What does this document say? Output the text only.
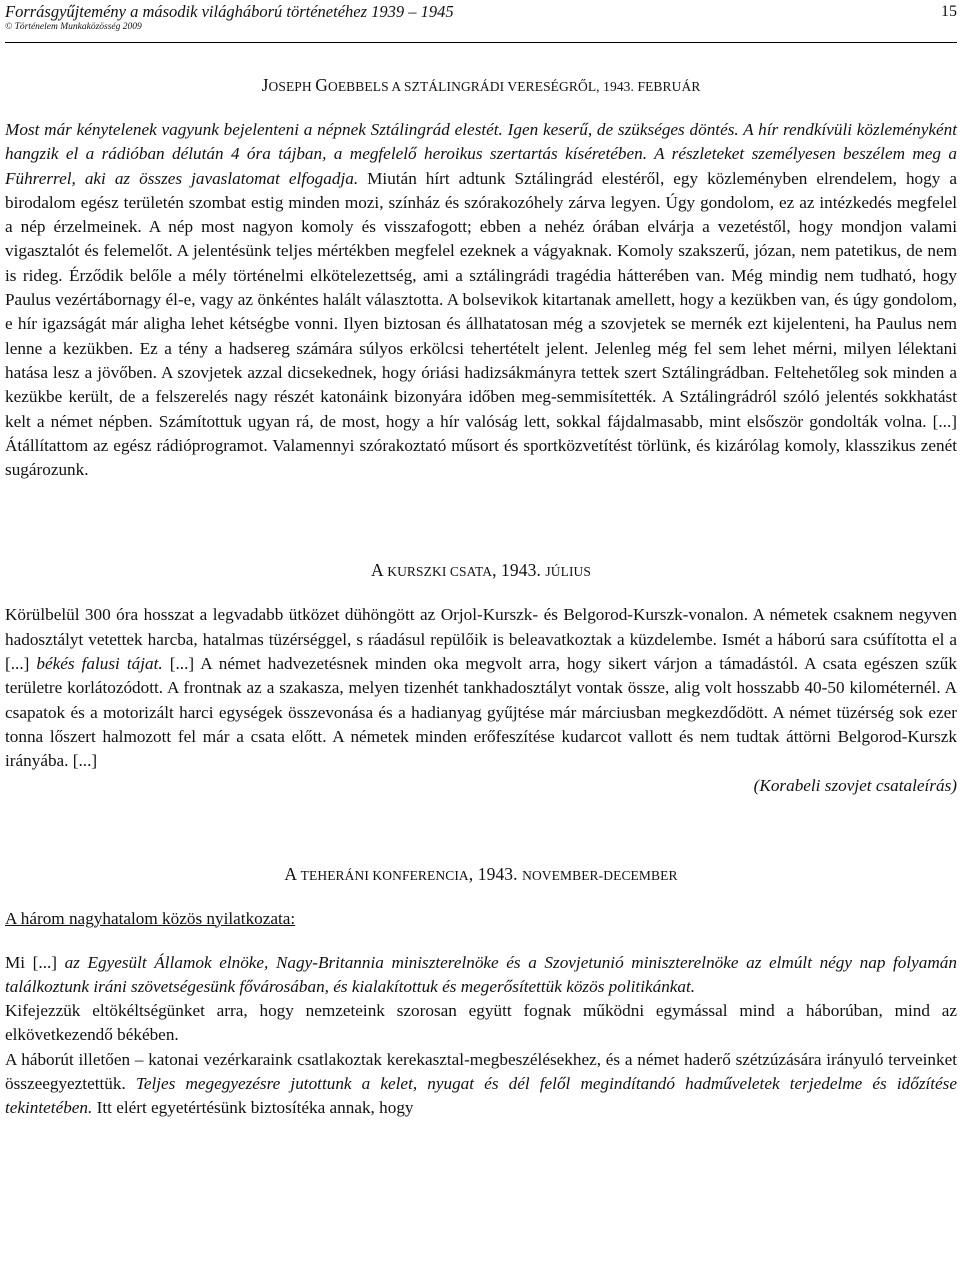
Forrásgyűjtemény a második világháború történetéhez 1939 – 1945
© Történelem Munkaközösség 2009
15
JOSEPH GOEBBELS A SZTÁLINGRÁDI VERESÉGRŐL, 1943. FEBRUÁR

Most már kénytelenek vagyunk bejelenteni a népnek Sztálingrád elestét. Igen keserű, de szükséges döntés. A hír rendkívüli közleményként hangzik el a rádióban délután 4 óra tájban, a megfelelő heroikus szertartás kíséretében. A részleteket személyesen beszélem meg a Führerrel, aki az összes javaslatomat elfogadja. Miután hírt adtunk Sztálingrád elestéről, egy közleményben elrendelem, hogy a birodalom egész területén szombat estig minden mozi, színház és szórakozóhely zárva legyen. Úgy gondolom, ez az intézkedés megfelel a nép érzelmeinek. A nép most nagyon komoly és visszafogott; ebben a nehéz órában elvárja a vezetéstől, hogy mondjon valami vigasztalót és felemelőt. A jelentésünk teljes mértékben megfelel ezeknek a vágyaknak. Komoly szakszerű, józan, nem patetikus, de nem is rideg. Érződik belőle a mély történelmi elkötelezettség, ami a sztálingrádi tragédia hátterében van. Még mindig nem tudható, hogy Paulus vezértábornagy él-e, vagy az önkéntes halált választotta. A bolsevikok kitartanak amellett, hogy a kezükben van, és úgy gondolom, e hír igazságát már aligha lehet kétségbe vonni. Ilyen biztosan és állhatatosan még a szovjetek se mernék ezt kijelenteni, ha Paulus nem lenne a kezükben. Ez a tény a hadsereg számára súlyos erkölcsi tehertételt jelent. Jelenleg még fel sem lehet mérni, milyen lélektani hatása lesz a jövőben. A szovjetek azzal dicsekednek, hogy óriási hadizsákmányra tettek szert Sztálingrádban. Feltehetőleg sok minden a kezükbe került, de a felszerelés nagy részét katonáink bizonyára időben meg-semmisítették. A Sztálingrádról szóló jelentés sokkhatást kelt a német népben. Számítottuk ugyan rá, de most, hogy a hír valóság lett, sokkal fájdalmasabb, mint elsőször gondolták volna. [...] Átállítattom az egész rádióprogramot. Valamennyi szórakoztató műsort és sportközvetítést törlünk, és kizárólag komoly, klasszikus zenét sugározunk.

A KURSZKI CSATA, 1943. JÚLIUS

Körülbelül 300 óra hosszat a legvadabb ütközet dühöngött az Orjol-Kurszk- és Belgorod-Kurszk-vonalon. A németek csaknem negyven hadosztályt vetettek harcba, hatalmas tüzérséggel, s ráadásul repülőik is beleavatkoztak a küzdelembe. Ismét a háború sara csúfította el a [...] békés falusi tájat. [...] A német hadvezetésnek minden oka megvolt arra, hogy sikert várjon a támadástól. A csata egészen szűk területre korlátozódott. A frontnak az a szakasza, melyen tizenhét tankhadosztályt vontak össze, alig volt hosszabb 40-50 kilométernél. A csapatok és a motorizált harci egységek összevonása és a hadianyag gyűjtése már márciusban megkezdődött. A német tüzérség sok ezer tonna lőszert halmozott fel már a csata előtt. A németek minden erőfeszítése kudarcot vallott és nem tudtak áttörni Belgorod-Kurszk irányába. [...]

(Korabeli szovjet csataleírás)
A TEHERÁNI KONFERENCIA, 1943. NOVEMBER-DECEMBER
A három nagyhatalom közös nyilatkozata:

Mi [...] az Egyesült Államok elnöke, Nagy-Britannia miniszterelnöke és a Szovjetunió miniszterelnöke az elmúlt négy nap folyamán találkoztunk iráni szövetségesünk fővárosában, és kialakítottuk és megerősítettük közös politikánkat.

Kifejezzük eltökéltségünket arra, hogy nemzeteink szorosan együtt fognak működni egymással mind a háborúban, mind az elkövetkezendő békében.

A háborút illetően – katonai vezérkaraink csatlakoztak kerekasztal-megbeszélésekhez, és a német haderő szétzúzására irányuló terveinket összeegyeztettük. Teljes megegyezésre jutottunk a kelet, nyugat és dél felől megindítandó hadműveletek terjedelme és időzítése tekintetében. Itt elért egyetértésünk biztosítéka annak, hogy
